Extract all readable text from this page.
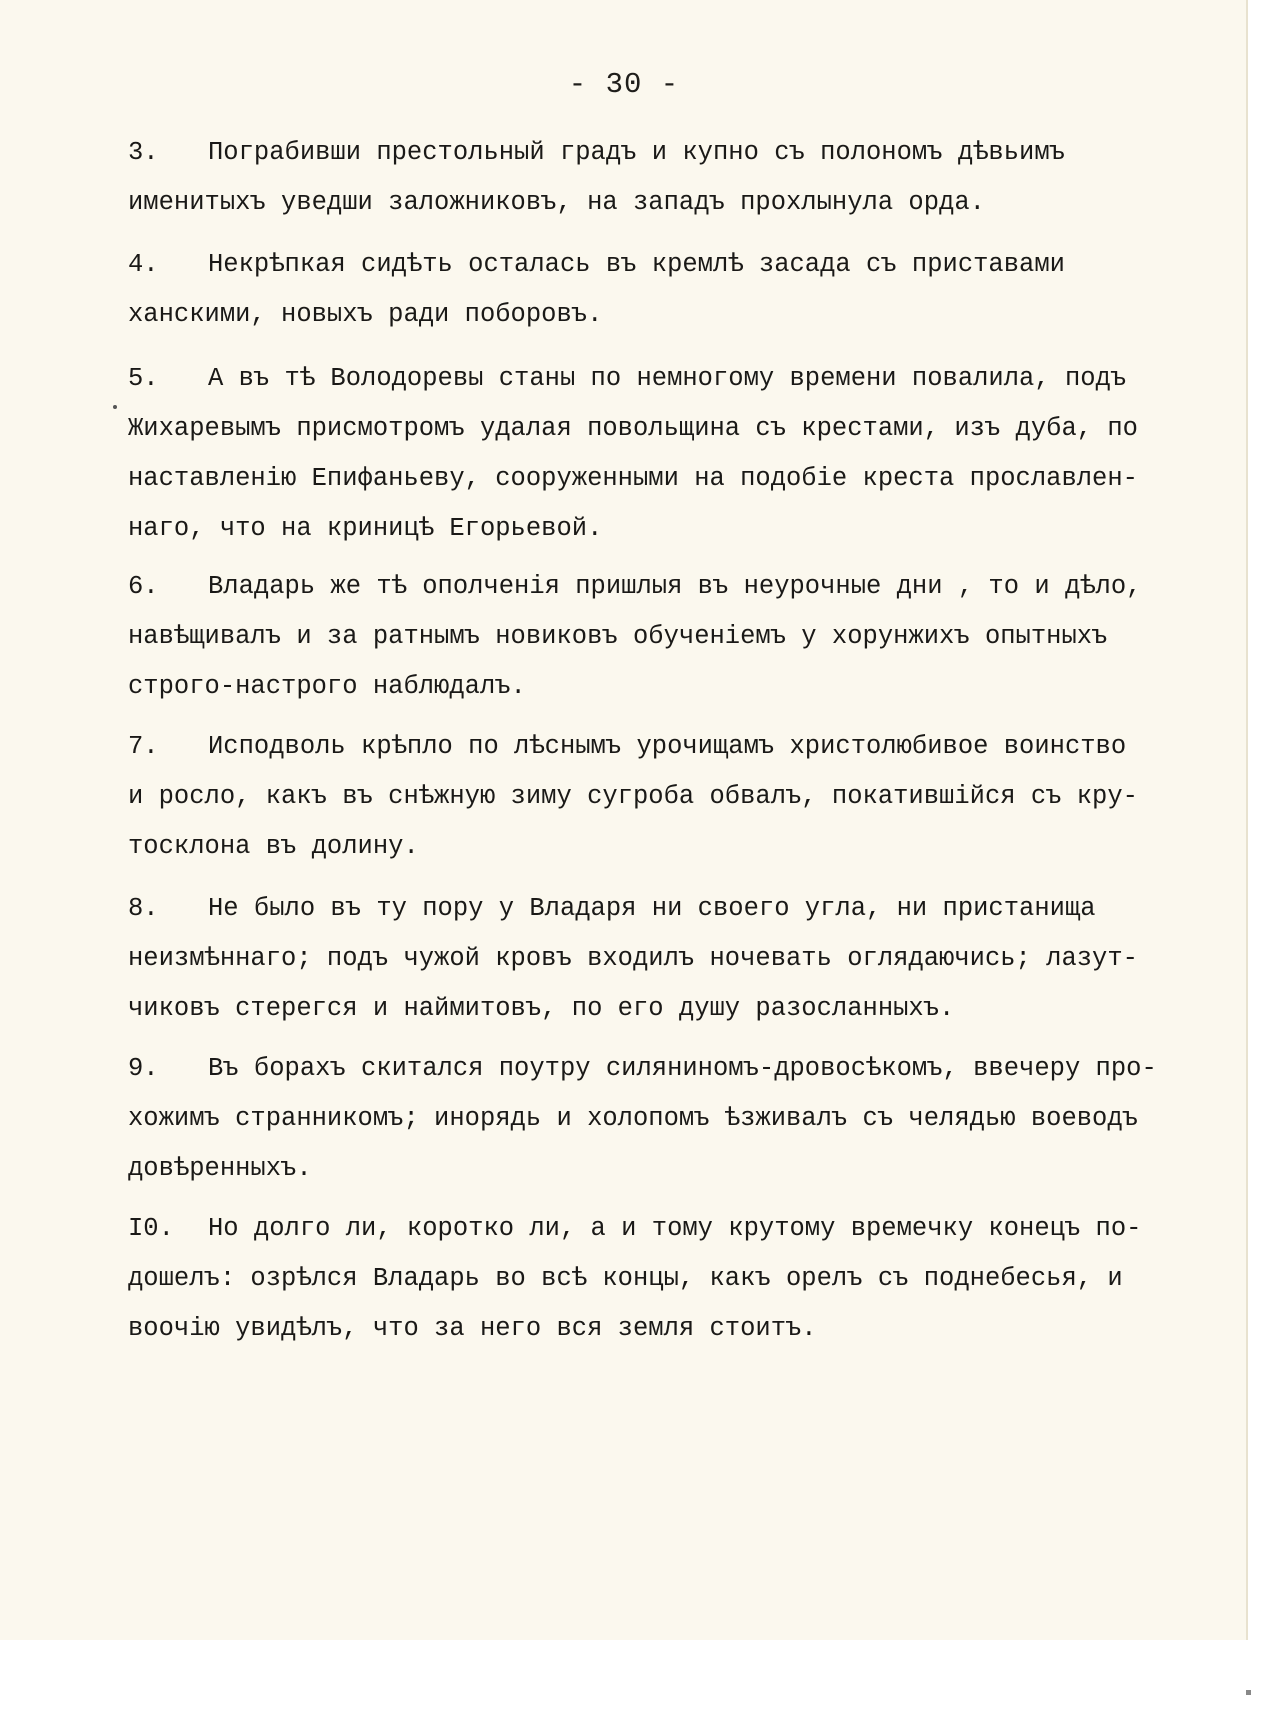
- 30 -
3. Пограбивши престольный градъ и купно съ полономъ дѣвьимъ
именитыхъ уведши заложниковъ, на западъ прохлынула орда.
4. Некрѣпкая сидѣть осталась въ кремлѣ засада съ приставами
ханскими, новыхъ ради поборовъ.
5. А въ тѣ Володоревы станы по немногому времени повалила, подъ
Жихаревымъ присмотромъ удалая повольщина съ крестами, изъ дуба, по
наставленію Епифаньеву, сооруженными на подобіе креста прославлен-
наго, что на криницѣ Егорьевой.
6. Владарь же тѣ ополченія пришлыя въ неурочные дни , то и дѣло,
навѣщивалъ и за ратнымъ новиковъ обученіемъ у хорунжихъ опытныхъ
строго-настрого наблюдалъ.
7. Исподволь крѣпло по лѣснымъ урочищамъ христолюбивое воинство
и росло, какъ въ снѣжную зиму сугроба обвалъ, покатившійся съ кру-
тосклона въ долину.
8. Не было въ ту пору у Владаря ни своего угла, ни пристанища
неизмѣннаго; подъ чужой кровъ входилъ ночевать оглядаючись; лазут-
чиковъ стерегся и наймитовъ, по его душу разосланныхъ.
9. Въ борахъ скитался поутру силяниномъ-дровосѣкомъ, ввечеру про-
хожимъ странникомъ; инорядь и холопомъ ѣзживалъ съ челядью воеводъ
довѣренныхъ.
I0. Но долго ли, коротко ли, а и тому крутому времечку конецъ по-
дошелъ: озрѣлся Владарь во всѣ концы, какъ орелъ съ поднебесья, и
воочію увидѣлъ, что за него вся земля стоитъ.
